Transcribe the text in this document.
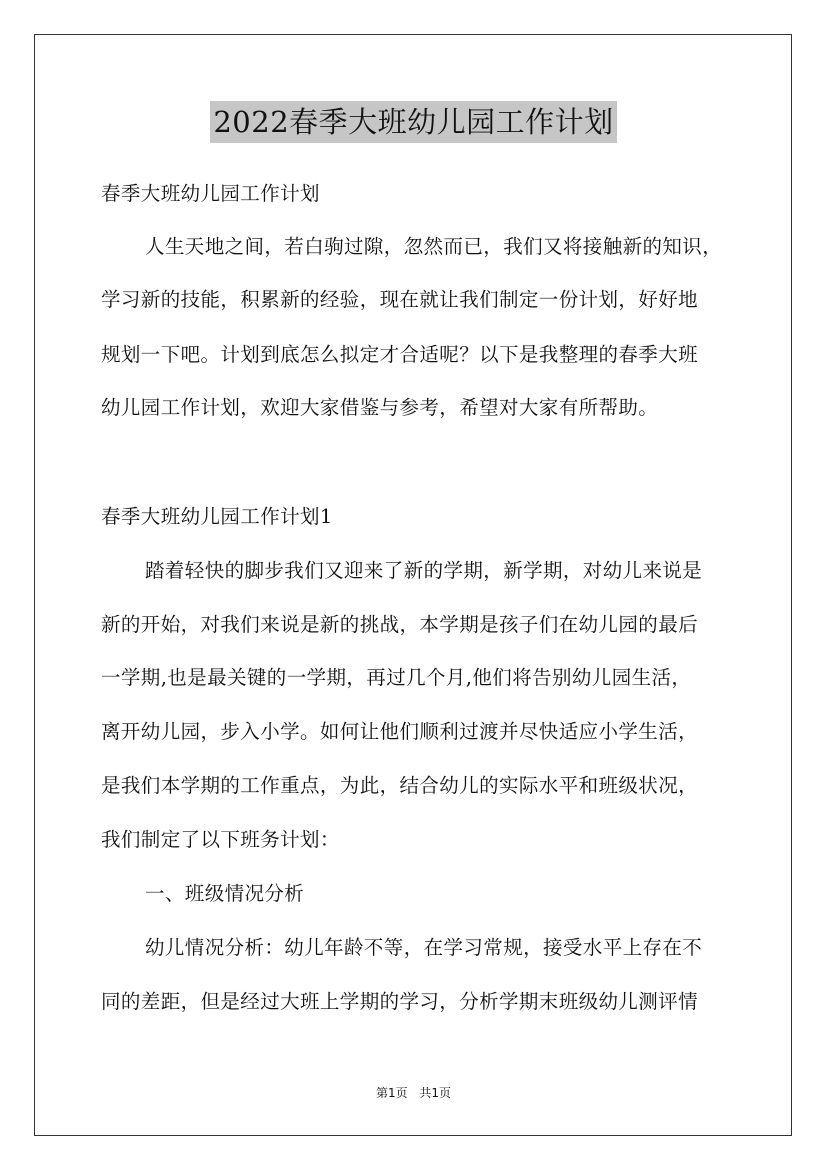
2022春季大班幼儿园工作计划
春季大班幼儿园工作计划
人生天地之间，若白驹过隙，忽然而已，我们又将接触新的知识，
学习新的技能，积累新的经验，现在就让我们制定一份计划，好好地
规划一下吧。计划到底怎么拟定才合适呢？以下是我整理的春季大班
幼儿园工作计划，欢迎大家借鉴与参考，希望对大家有所帮助。
春季大班幼儿园工作计划1
踏着轻快的脚步我们又迎来了新的学期，新学期，对幼儿来说是
新的开始，对我们来说是新的挑战，本学期是孩子们在幼儿园的最后
一学期,也是最关键的一学期，再过几个月,他们将告别幼儿园生活，
离开幼儿园，步入小学。如何让他们顺利过渡并尽快适应小学生活，
是我们本学期的工作重点，为此，结合幼儿的实际水平和班级状况，
我们制定了以下班务计划：
一、班级情况分析
幼儿情况分析：幼儿年龄不等，在学习常规，接受水平上存在不
同的差距，但是经过大班上学期的学习，分析学期末班级幼儿测评情
第1页 共1页
